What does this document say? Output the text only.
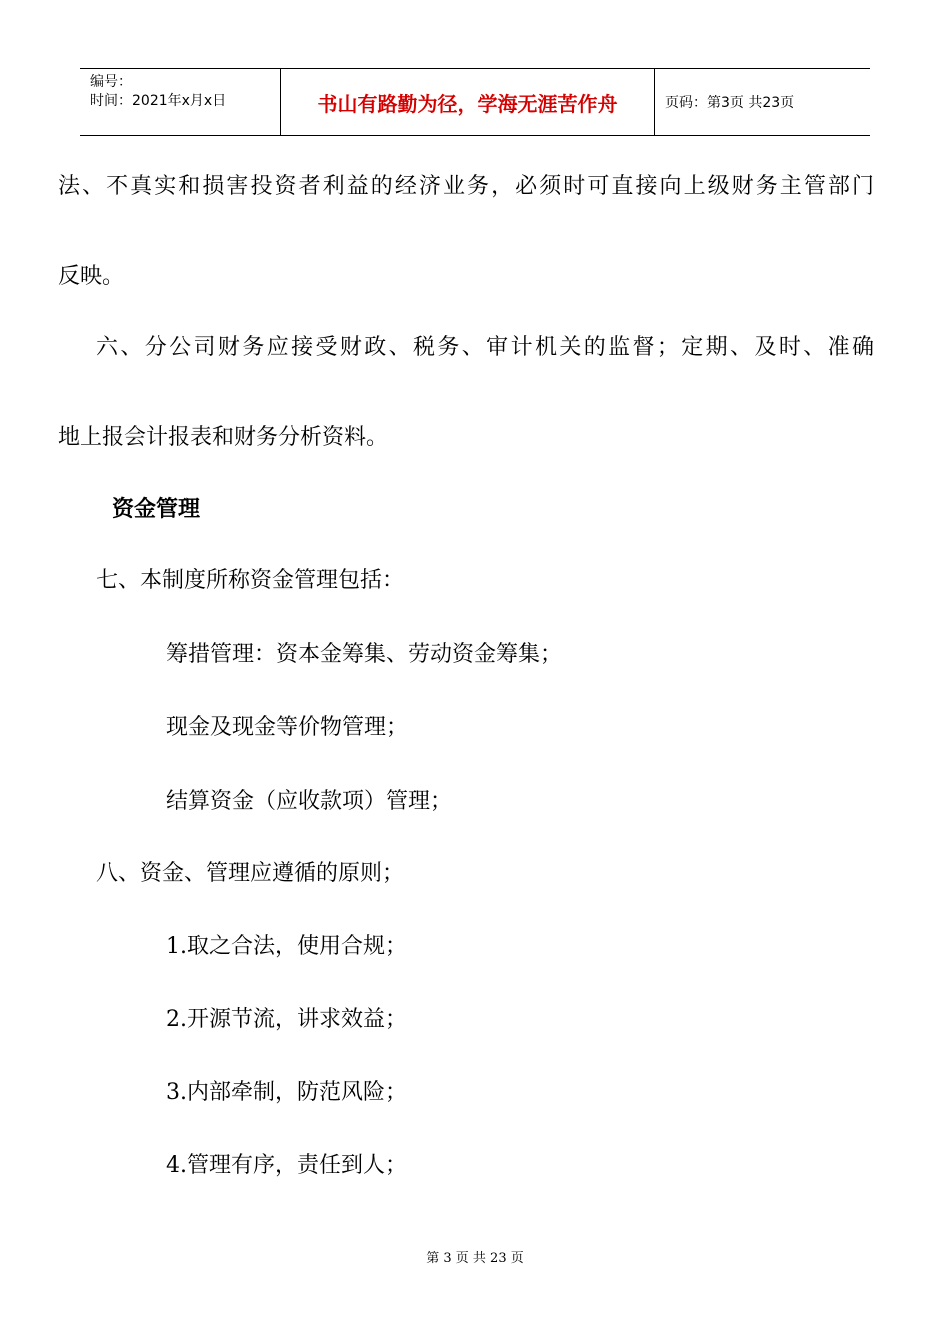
编号：
时间：2021年x月x日	书山有路勤为径，学海无涯苦作舟	页码：第3页 共23页
法、不真实和损害投资者利益的经济业务，必须时可直接向上级财务主管部门
反映。
六、分公司财务应接受财政、税务、审计机关的监督；定期、及时、准确
地上报会计报表和财务分析资料。
资金管理
七、本制度所称资金管理包括：
筹措管理：资本金筹集、劳动资金筹集；
现金及现金等价物管理；
结算资金（应收款项）管理；
八、资金、管理应遵循的原则；
1.取之合法，使用合规；
2.开源节流，讲求效益；
3.内部牵制，防范风险；
4.管理有序，责任到人；
第 3 页 共 23 页
